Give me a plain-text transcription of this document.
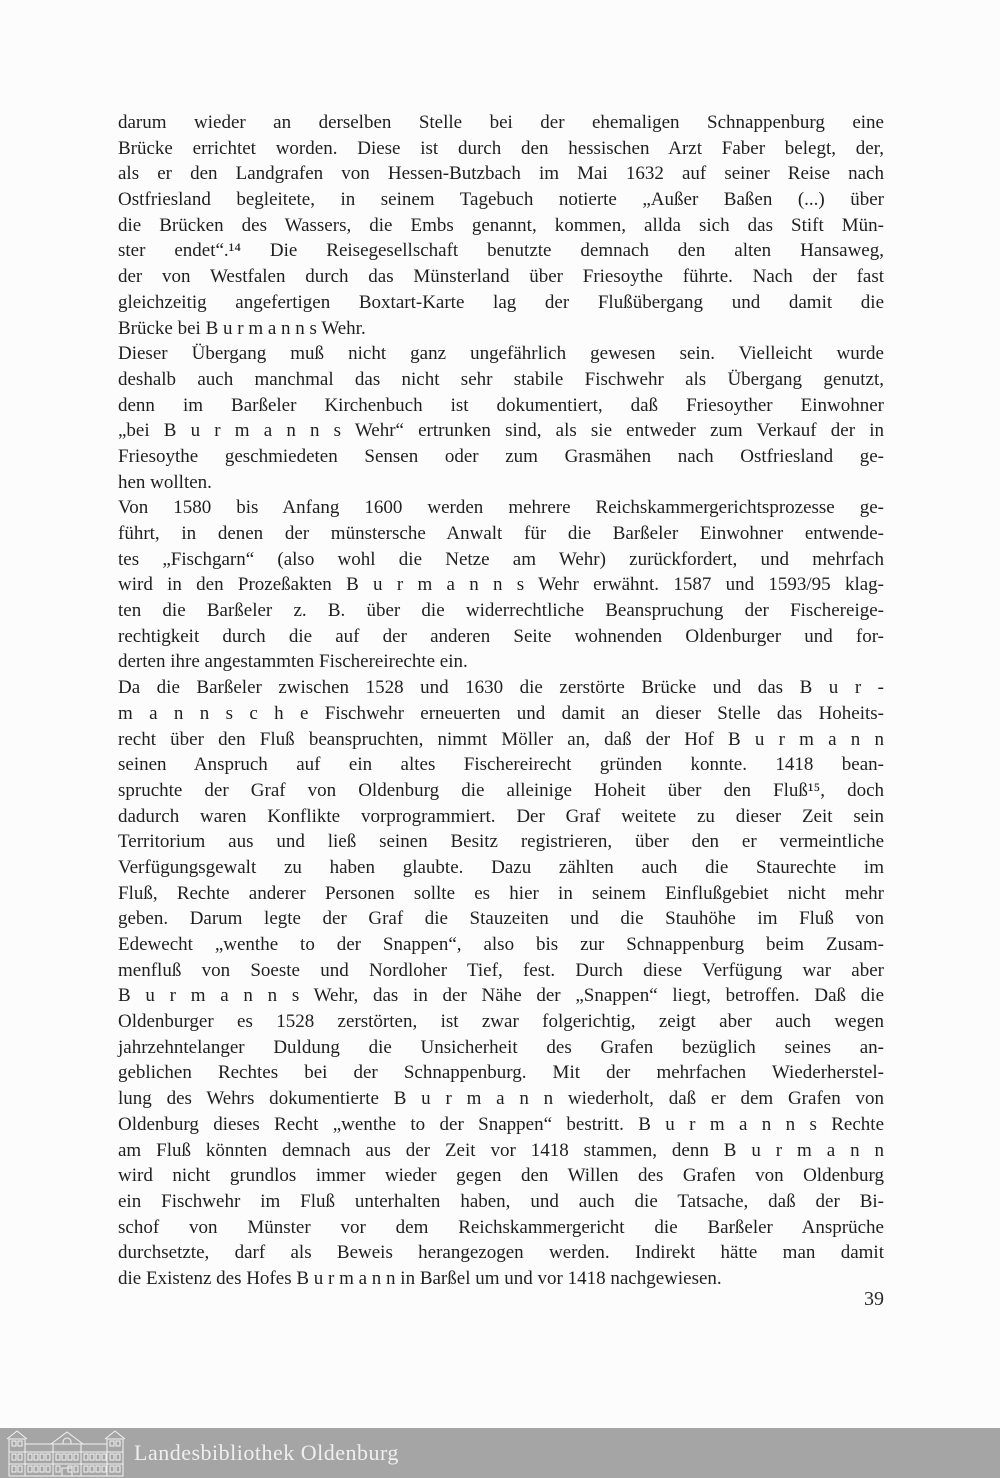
darum wieder an derselben Stelle bei der ehemaligen Schnappenburg eine
Brücke errichtet worden. Diese ist durch den hessischen Arzt Faber belegt, der,
als er den Landgrafen von Hessen-Butzbach im Mai 1632 auf seiner Reise nach
Ostfriesland begleitete, in seinem Tagebuch notierte „Außer Baßen (...) über
die Brücken des Wassers, die Embs genannt, kommen, allda sich das Stift Mün-
ster endet“.¹⁴ Die Reisegesellschaft benutzte demnach den alten Hansaweg,
der von Westfalen durch das Münsterland über Friesoythe führte. Nach der fast
gleichzeitig angefertigen Boxtart-Karte lag der Flußübergang und damit die
Brücke bei B u r m a n n s Wehr.
Dieser Übergang muß nicht ganz ungefährlich gewesen sein. Vielleicht wurde
deshalb auch manchmal das nicht sehr stabile Fischwehr als Übergang genutzt,
denn im Barßeler Kirchenbuch ist dokumentiert, daß Friesoyther Einwohner
„bei B u r m a n n s Wehr“ ertrunken sind, als sie entweder zum Verkauf der in
Friesoythe geschmiedeten Sensen oder zum Grasmähen nach Ostfriesland ge-
hen wollten.
Von 1580 bis Anfang 1600 werden mehrere Reichskammergerichtsprozesse ge-
führt, in denen der münstersche Anwalt für die Barßeler Einwohner entwende-
tes „Fischgarn“ (also wohl die Netze am Wehr) zurückfordert, und mehrfach
wird in den Prozeßakten B u r m a n n s Wehr erwähnt. 1587 und 1593/95 klag-
ten die Barßeler z. B. über die widerrechtliche Beanspruchung der Fischereige-
rechtigkeit durch die auf der anderen Seite wohnenden Oldenburger und for-
derten ihre angestammten Fischereirechte ein.
Da die Barßeler zwischen 1528 und 1630 die zerstörte Brücke und das B u r -
m a n n s c h e Fischwehr erneuerten und damit an dieser Stelle das Hoheits-
recht über den Fluß beanspruchten, nimmt Möller an, daß der Hof B u r m a n n
seinen Anspruch auf ein altes Fischereirecht gründen konnte. 1418 bean-
spruchte der Graf von Oldenburg die alleinige Hoheit über den Fluß¹⁵, doch
dadurch waren Konflikte vorprogrammiert. Der Graf weitete zu dieser Zeit sein
Territorium aus und ließ seinen Besitz registrieren, über den er vermeintliche
Verfügungsgewalt zu haben glaubte. Dazu zählten auch die Staurechte im
Fluß, Rechte anderer Personen sollte es hier in seinem Einflußgebiet nicht mehr
geben. Darum legte der Graf die Stauzeiten und die Stauhöhe im Fluß von
Edewecht „wenthe to der Snappen“, also bis zur Schnappenburg beim Zusam-
menfluß von Soeste und Nordloher Tief, fest. Durch diese Verfügung war aber
B u r m a n n s Wehr, das in der Nähe der „Snappen“ liegt, betroffen. Daß die
Oldenburger es 1528 zerstörten, ist zwar folgerichtig, zeigt aber auch wegen
jahrzehntelanger Duldung die Unsicherheit des Grafen bezüglich seines an-
geblichen Rechtes bei der Schnappenburg. Mit der mehrfachen Wiederherstel-
lung des Wehrs dokumentierte B u r m a n n wiederholt, daß er dem Grafen von
Oldenburg dieses Recht „wenthe to der Snappen“ bestritt. B u r m a n n s Rechte
am Fluß könnten demnach aus der Zeit vor 1418 stammen, denn B u r m a n n
wird nicht grundlos immer wieder gegen den Willen des Grafen von Oldenburg
ein Fischwehr im Fluß unterhalten haben, und auch die Tatsache, daß der Bi-
schof von Münster vor dem Reichskammergericht die Barßeler Ansprüche
durchsetzte, darf als Beweis herangezogen werden. Indirekt hätte man damit
die Existenz des Hofes B u r m a n n in Barßel um und vor 1418 nachgewiesen.
39
Landesbibliothek Oldenburg
